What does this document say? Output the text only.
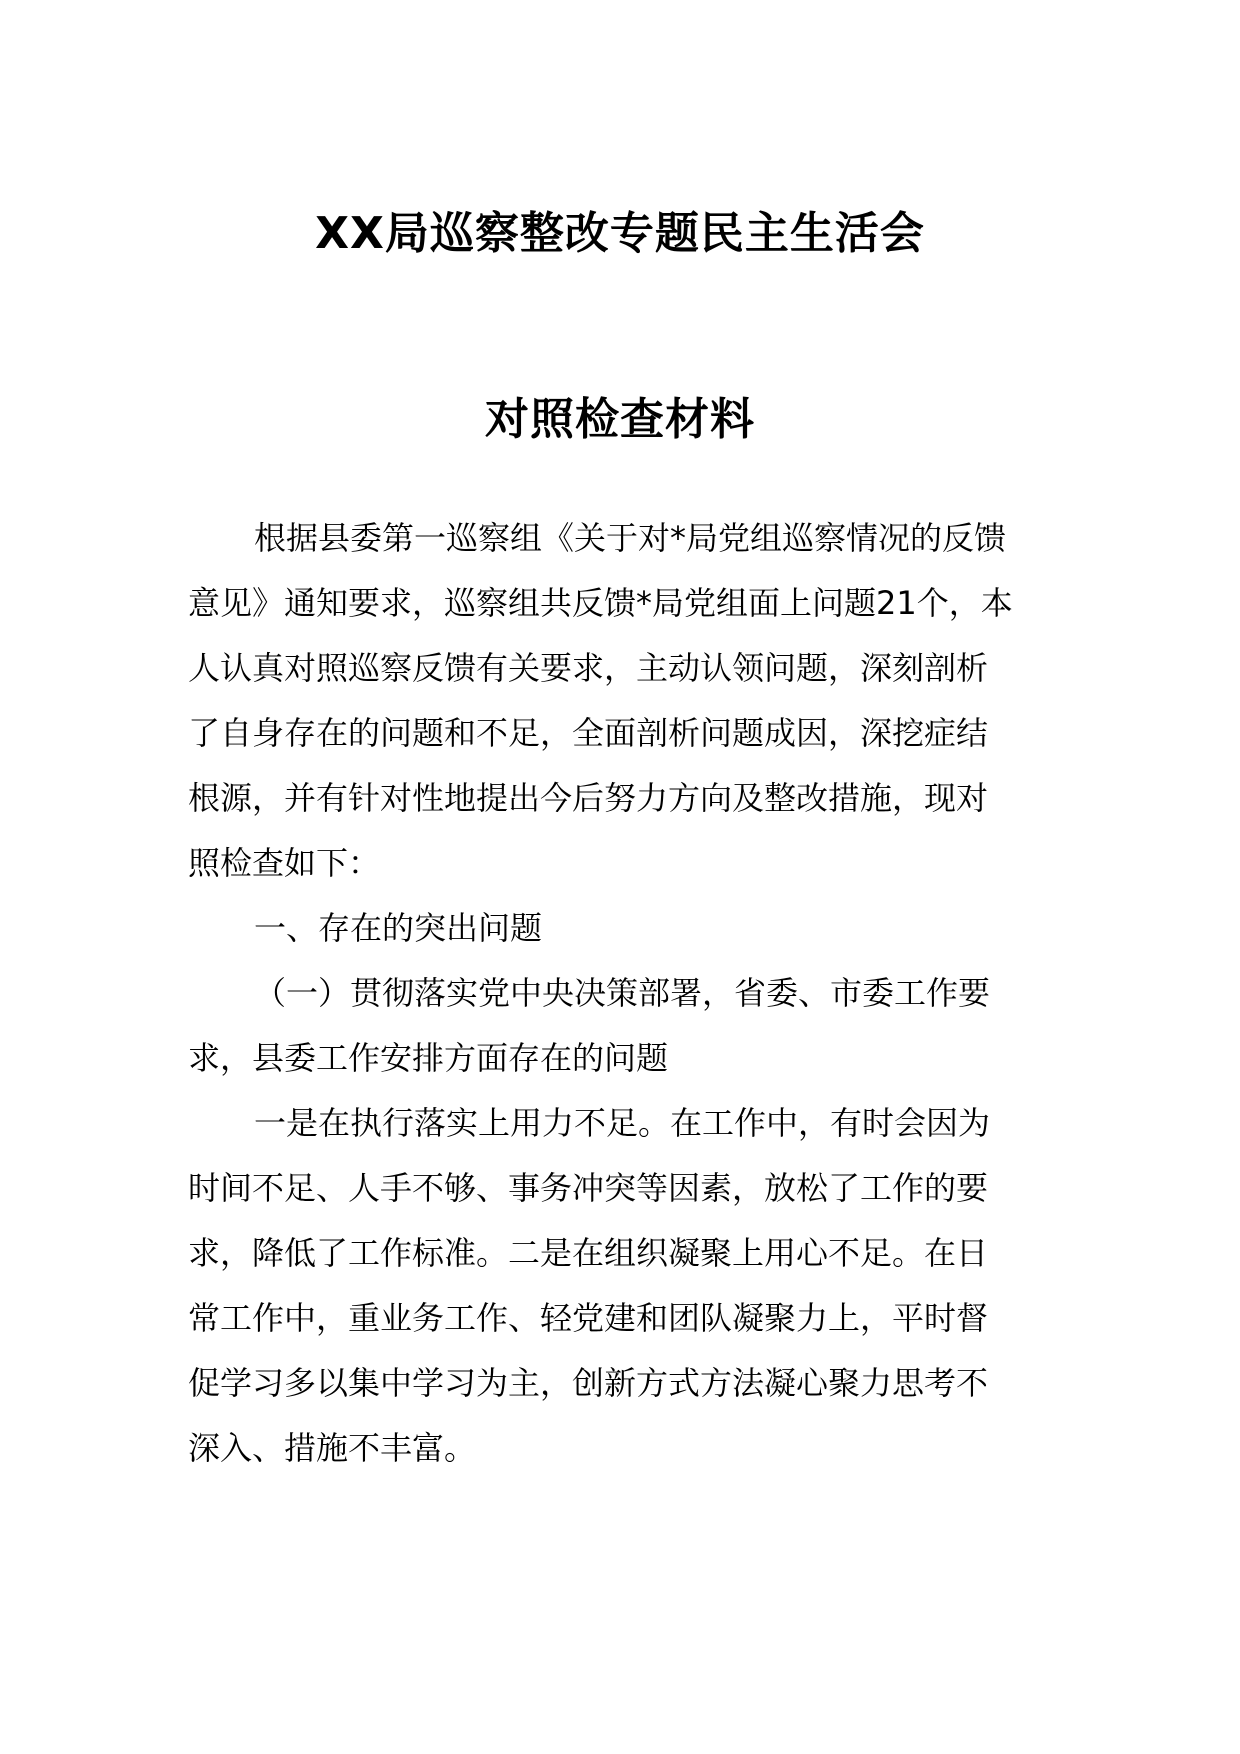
XX局巡察整改专题民主生活会
对照检查材料
根据县委第一巡察组《关于对*局党组巡察情况的反馈
意见》通知要求，巡察组共反馈*局党组面上问题21个，本
人认真对照巡察反馈有关要求，主动认领问题，深刻剖析
了自身存在的问题和不足，全面剖析问题成因，深挖症结
根源，并有针对性地提出今后努力方向及整改措施，现对
照检查如下：
一、存在的突出问题
（一）贯彻落实党中央决策部署，省委、市委工作要
求，县委工作安排方面存在的问题
一是在执行落实上用力不足。在工作中，有时会因为
时间不足、人手不够、事务冲突等因素，放松了工作的要
求，降低了工作标准。二是在组织凝聚上用心不足。在日
常工作中，重业务工作、轻党建和团队凝聚力上，平时督
促学习多以集中学习为主，创新方式方法凝心聚力思考不
深入、措施不丰富。
